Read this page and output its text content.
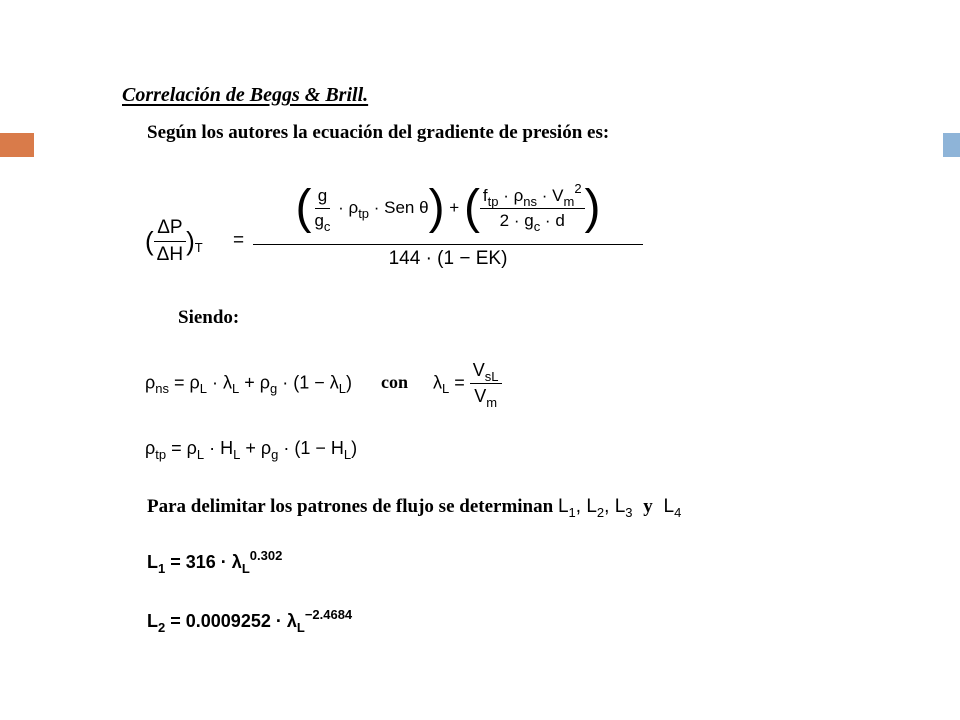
Correlación de Beggs & Brill.
Según los autores la ecuación del gradiente de presión es:
( $\frac{\Delta P}{\Delta H} )_T$ =
( $\frac{g}{g_c} \cdot \rho$ tp · Sen θ ) + ( $\frac{f_{tp} \cdot \rho_{ns} \cdot V_m^2}{2 \cdot g_c \cdot d}$ )
144 · (1 − EK)
Siendo:
$\rho_{ns} = \rho_L \cdot \lambda_L + \rho_g \cdot (1 - \lambda_L)$ con $\lambda_L = \frac{V_{sL}}{V_m}$
$\rho_{tp} = \rho_L \cdot H_L + \rho_g \cdot (1 - H_L)$
Para delimitar los patrones de flujo se determinan $L_1$, $L_2$, $L_3$ y $L_4$
$L_1 = 316 \cdot \lambda_L^{0.302}$
$L_2 = 0.0009252 \cdot \lambda_L^{-2.4684}$
